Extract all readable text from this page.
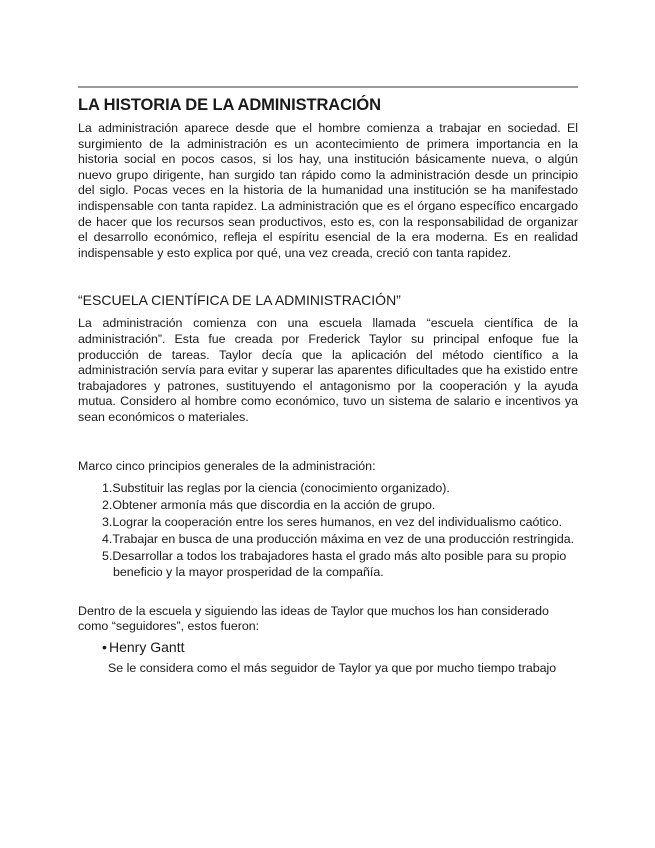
LA HISTORIA DE LA ADMINISTRACIÓN

La administración aparece desde que el hombre comienza a trabajar en sociedad. El surgimiento de la administración es un acontecimiento de primera importancia en la historia social en pocos casos, si los hay, una institución básicamente nueva, o algún nuevo grupo dirigente, han surgido tan rápido como la administración desde un principio del siglo. Pocas veces en la historia de la humanidad una institución se ha manifestado indispensable con tanta rapidez. La administración que es el órgano específico encargado de hacer que los recursos sean productivos, esto es, con la responsabilidad de organizar el desarrollo económico, refleja el espíritu esencial de la era moderna. Es en realidad indispensable y esto explica por qué, una vez creada, creció con tanta rapidez.

“ESCUELA CIENTÍFICA DE LA ADMINISTRACIÓN”

La administración comienza con una escuela llamada “escuela científica de la administración”. Esta fue creada por Frederick Taylor su principal enfoque fue la producción de tareas. Taylor decía que la aplicación del método científico a la administración servía para evitar y superar las aparentes dificultades que ha existido entre trabajadores y patrones, sustituyendo el antagonismo por la cooperación y la ayuda mutua. Considero al hombre como económico, tuvo un sistema de salario e incentivos ya sean económicos o materiales.

Marco cinco principios generales de la administración:

1.Substituir las reglas por la ciencia (conocimiento organizado).
2.Obtener armonía más que discordia en la acción de grupo.
3.Lograr la cooperación entre los seres humanos, en vez del individualismo caótico.
4.Trabajar en busca de una producción máxima en vez de una producción restringida.
5.Desarrollar a todos los trabajadores hasta el grado más alto posible para su propio beneficio y la mayor prosperidad de la compañía.

Dentro de la escuela y siguiendo las ideas de Taylor que muchos los han considerado como “seguidores”, estos fueron:

• Henry Gantt

Se le considera como el más seguidor de Taylor ya que por mucho tiempo trabajo
